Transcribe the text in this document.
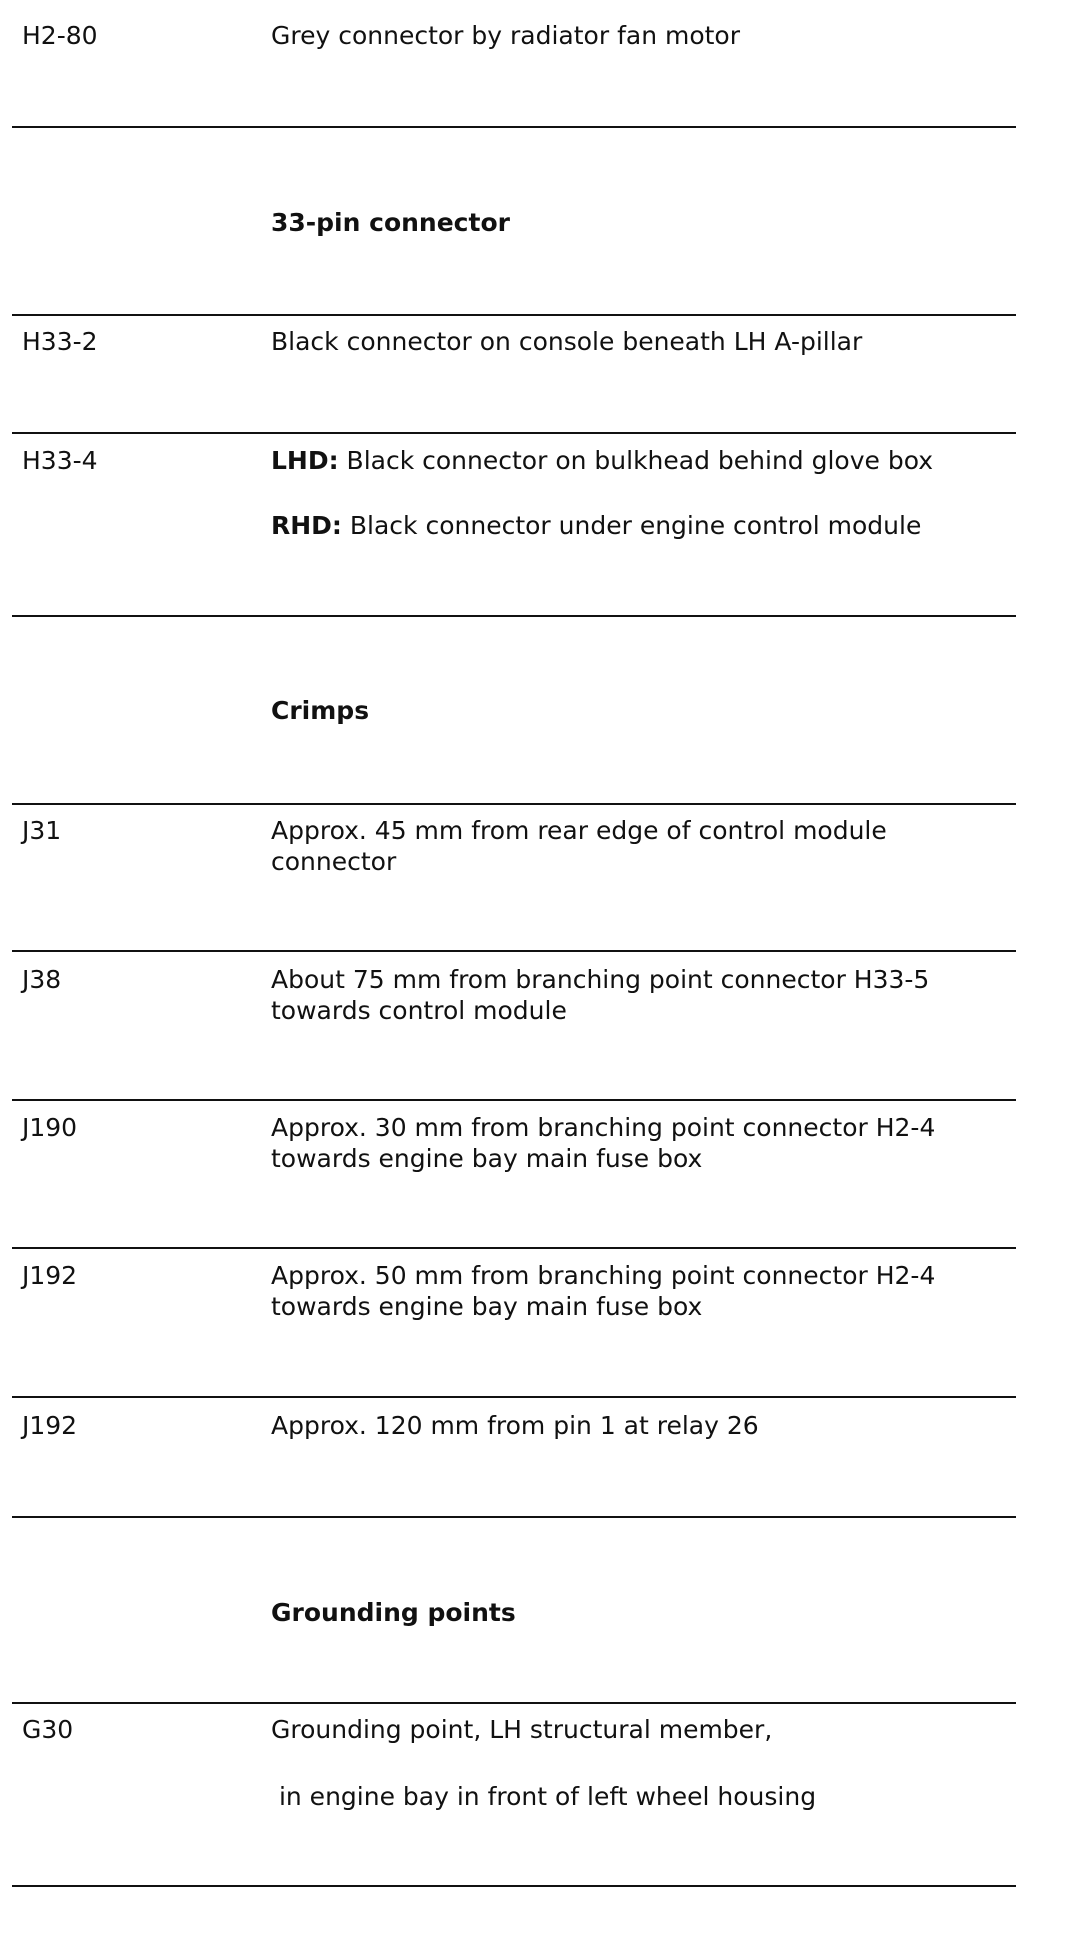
H2-80	Grey connector by radiator fan motor
33-pin connector
H33-2	Black connector on console beneath LH A-pillar
H33-4	LHD: Black connector on bulkhead behind glove box
RHD: Black connector under engine control module
Crimps
J31	Approx. 45 mm from rear edge of control module connector
J38	About 75 mm from branching point connector H33-5 towards control module
J190	Approx. 30 mm from branching point connector H2-4 towards engine bay main fuse box
J192	Approx. 50 mm from branching point connector H2-4 towards engine bay main fuse box
J192	Approx. 120 mm from pin 1 at relay 26
Grounding points
G30	Grounding point, LH structural member,
in engine bay in front of left wheel housing
